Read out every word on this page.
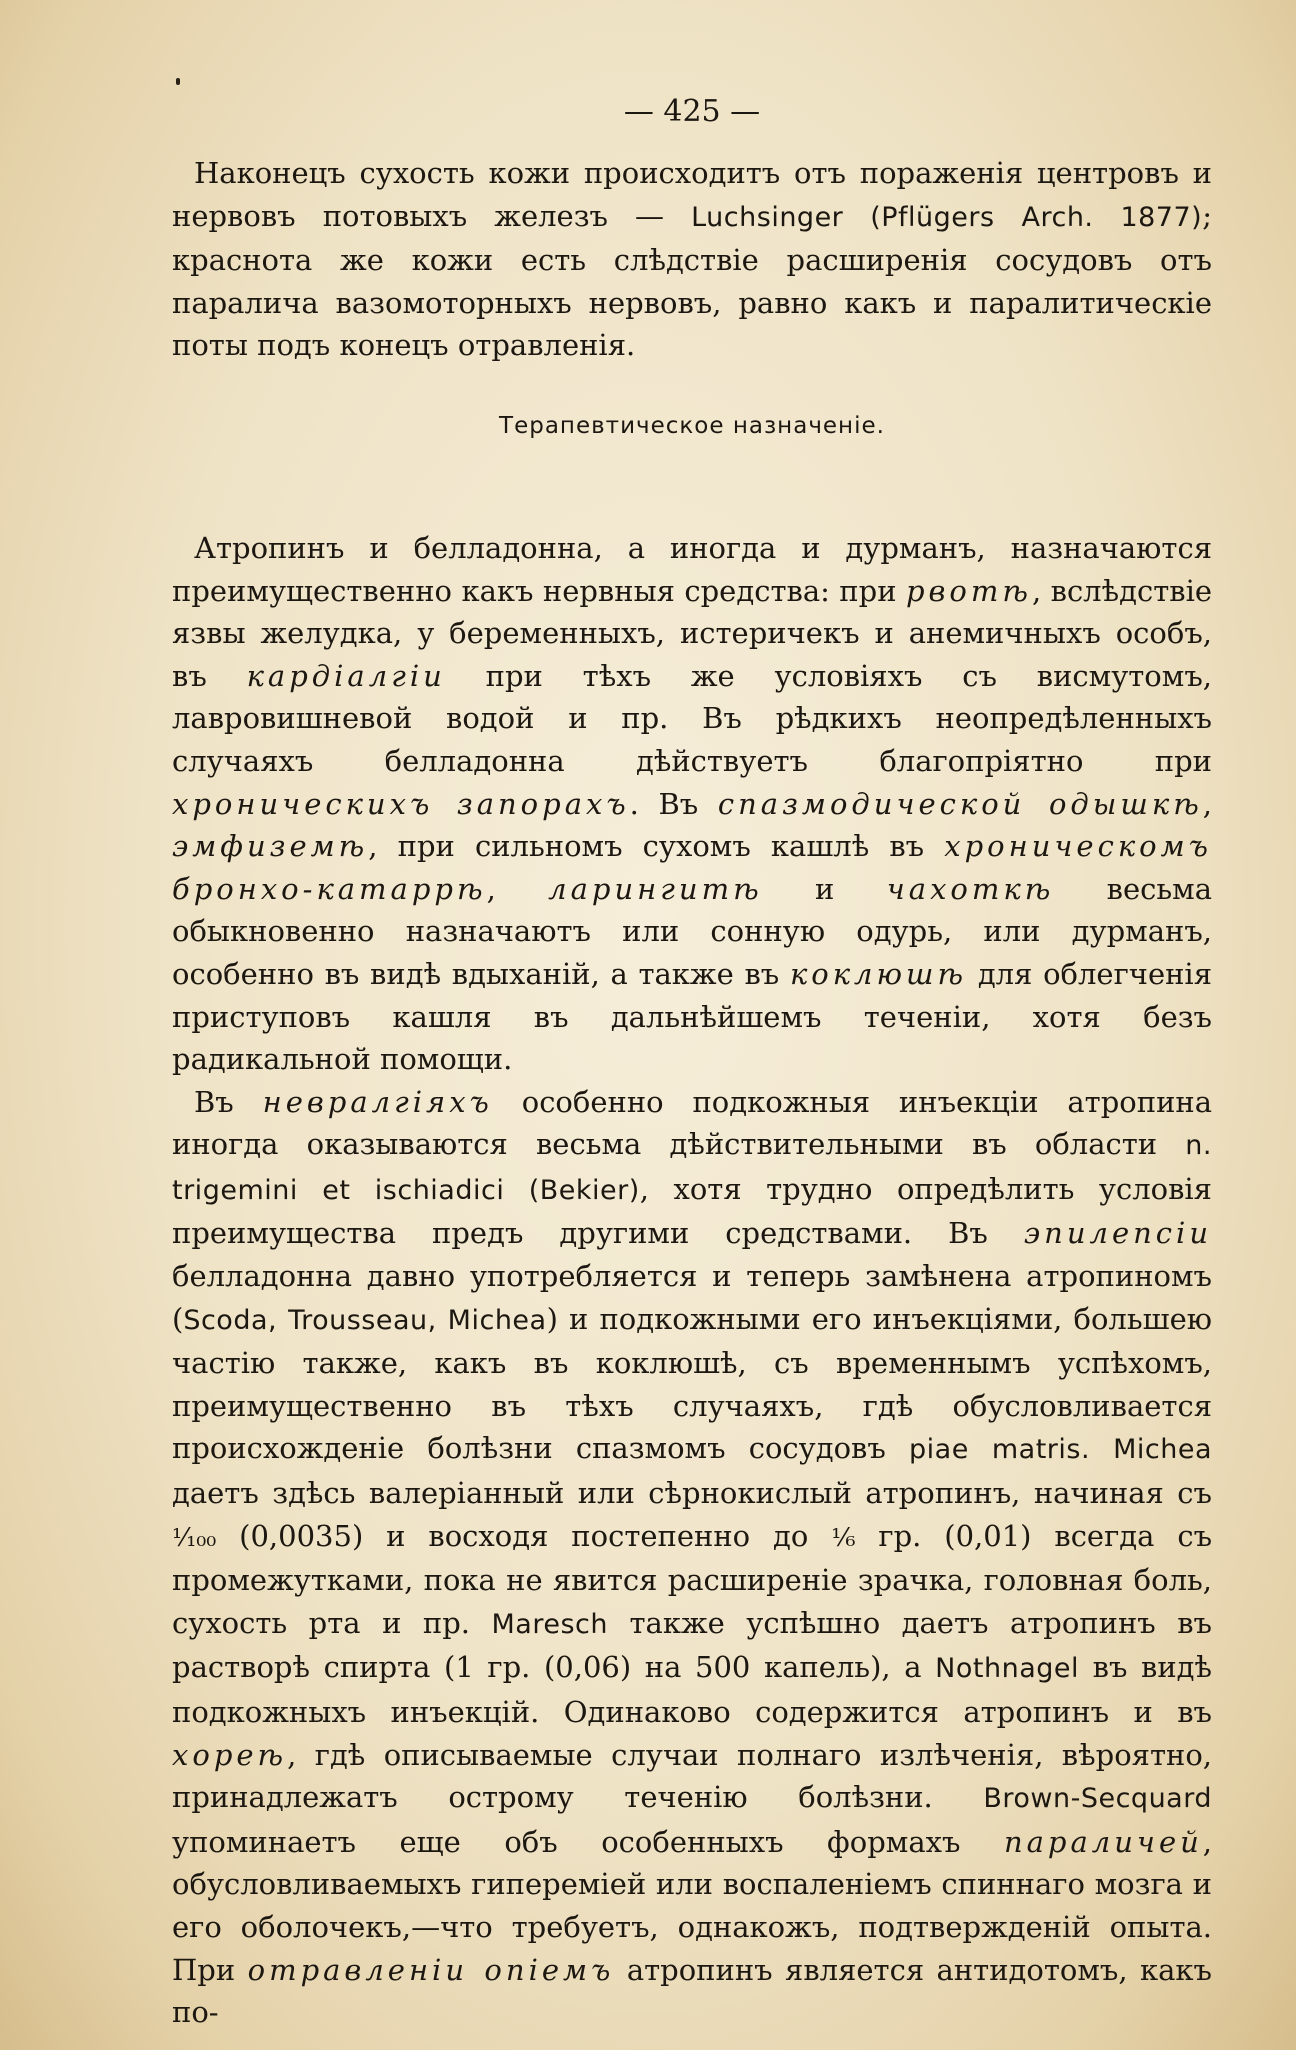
— 425 —

Наконецъ сухость кожи происходитъ отъ пораженія центровъ и нервовъ потовыхъ железъ — Luchsinger (Pflügers Arch. 1877); краснота же кожи есть слѣдствіе расширенія сосудовъ отъ паралича вазомоторныхъ нервовъ, равно какъ и паралитическіе поты подъ конецъ отравленія.

Терапевтическое назначеніе.

Атропинъ и белладонна, а иногда и дурманъ, назначаются преимущественно какъ нервныя средства: при рвотѣ, вслѣдствіе язвы желудка, у беременныхъ, истеричекъ и анемичныхъ особъ, въ кардіалгіи при тѣхъ же условіяхъ съ висмутомъ, лавровишневой водой и пр. Въ рѣдкихъ неопредѣленныхъ случаяхъ белладонна дѣйствуетъ благопріятно при хроническихъ запорахъ. Въ спазмодической одышкѣ, эмфиземѣ, при сильномъ сухомъ кашлѣ въ хроническомъ бронхо-катаррѣ, ларингитѣ и чахоткѣ весьма обыкновенно назначаютъ или сонную одурь, или дурманъ, особенно въ видѣ вдыханій, а также въ коклюшѣ для облегченія приступовъ кашля въ дальнѣйшемъ теченіи, хотя безъ радикальной помощи.

Въ невралгіяхъ особенно подкожныя инъекціи атропина иногда оказываются весьма дѣйствительными въ области n. trigemini et ischiadici (Bekier), хотя трудно опредѣлить условія преимущества предъ другими средствами. Въ эпилепсіи белладонна давно употребляется и теперь замѣнена атропиномъ (Scoda, Trousseau, Michea) и подкожными его инъекціями, большею частію также, какъ въ коклюшѣ, съ временнымъ успѣхомъ, преимущественно въ тѣхъ случаяхъ, гдѣ обусловливается происхожденіе болѣзни спазмомъ сосудовъ piae matris. Michea даетъ здѣсь валеріанный или сѣрнокислый атропинъ, начиная съ ¹⁄₁₀₀ (0,0035) и восходя постепенно до ¹⁄₆ гр. (0,01) всегда съ промежутками, пока не явится расширеніе зрачка, головная боль, сухость рта и пр. Maresch также успѣшно даетъ атропинъ въ растворѣ спирта (1 гр. (0,06) на 500 капель), а Nothnagel въ видѣ подкожныхъ инъекцій. Одинаково содержится атропинъ и въ хореѣ, гдѣ описываемые случаи полнаго излѣченія, вѣроятно, принадлежатъ острому теченію болѣзни. Brown-Secquard упоминаетъ еще объ особенныхъ формахъ параличей, обусловливаемыхъ гипереміей или воспаленіемъ спиннаго мозга и его оболочекъ,—что требуетъ, однакожъ, подтвержденій опыта. При отравленіи опіемъ атропинъ является антидотомъ, какъ по-
